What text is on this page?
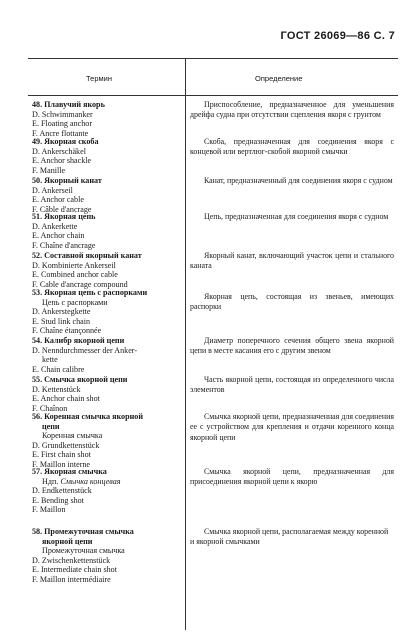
ГОСТ 26069—86 С. 7
Термин	Определение
48. Плавучий якорь
D. Schwimmanker
E. Floating anchor
F. Ancre flottante
Приспособление, предназначенное для уменьшения дрейфа судна при отсутствии сцепления якоря с грунтом
49. Якорная скоба
D. Ankerschäkel
E. Anchor shackle
F. Manille
Скоба, предназначенная для соединения якоря с концевой или вертлюг-скобой якорной смычки
50. Якорный канат
D. Ankerseil
E. Anchor cable
F. Câble d'ancrage
Канат, предназначенный для соединения якоря с судном
51. Якорная цепь
D. Ankerkette
E. Anchor chain
F. Chaîne d'ancrage
Цепь, предназначенная для соединения якоря с судном
52. Составной якорный канат
D. Kombinierte Ankerseil
E. Combined anchor cable
F. Cable d'ancrage compound
Якорный канат, включающий участок цепи и стального каната
53. Якорная цепь с распорками
Цепь с распорками
D. Ankerstegkette
E. Stud link chain
F. Chaîne étançonnée
Якорная цепь, состоящая из звеньев, имеющих распорки
54. Калибр якорной цепи
D. Nenndurchmesser der Anker-
kette
E. Chain calibre
Диаметр поперечного сечения общего звена якорной цепи в месте касания его с другим звеном
55. Смычка якорной цепи
D. Kettenstück
E. Anchor chain shot
F. Chaînon
Часть якорной цепи, состоящая из определенного числа элементов
56. Коренная смычка якорной
цепи
Коренная смычка
D. Grundkettenstück
E. First chain shot
F. Maillon interne
Смычка якорной цепи, предназначенная для соединения ее с устройством для крепления и отдачи коренного конца якорной цепи
57. Якорная смычка
Ндп. Смычка концевая
D. Endkettenstück
E. Bending shot
F. Maillon
Смычка якорной цепи, предназначенная для присоединения якорной цепи к якорю
58. Промежуточная смычка
якорной цепи
Промежуточная смычка
D. Zwischenkettenstück
E. Intermediate chain shot
F. Maillon intermédiaire
Смычка якорной цепи, располагаемая между коренной и якорной смычками
